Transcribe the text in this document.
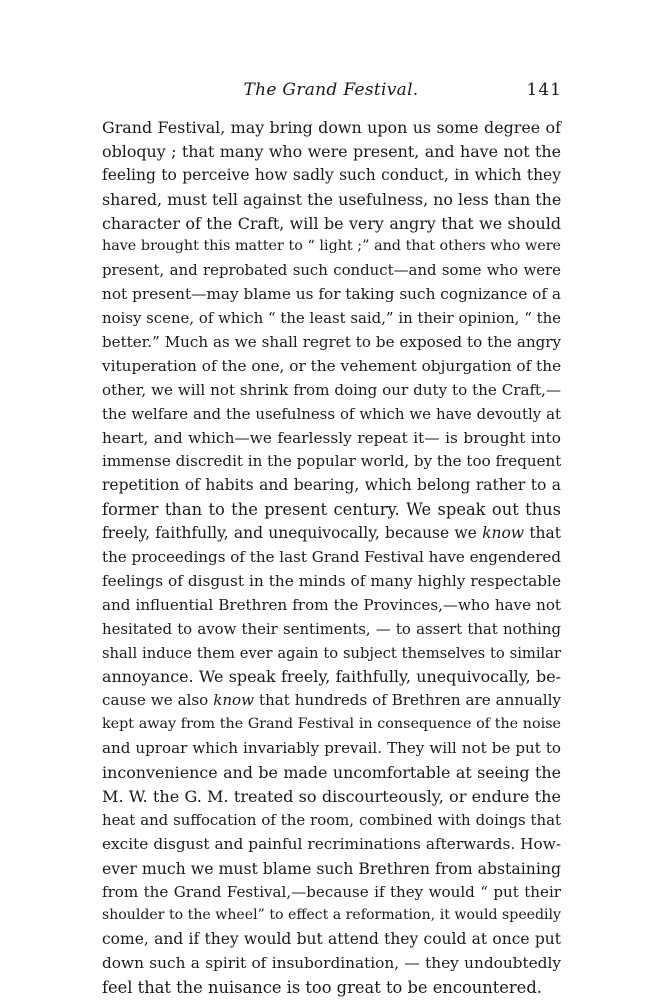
The Grand Festival.	141
Grand Festival, may bring down upon us some degree of
obloquy ; that many who were present, and have not the
feeling to perceive how sadly such conduct, in which they
shared, must tell against the usefulness, no less than the
character of the Craft, will be very angry that we should
have brought this matter to “ light ;” and that others who were
present, and reprobated such conduct—and some who were
not present—may blame us for taking such cognizance of a
noisy scene, of which “ the least said,” in their opinion, “ the
better.” Much as we shall regret to be exposed to the angry
vituperation of the one, or the vehement objurgation of the
other, we will not shrink from doing our duty to the Craft,—
the welfare and the usefulness of which we have devoutly at
heart, and which—we fearlessly repeat it— is brought into
immense discredit in the popular world, by the too frequent
repetition of habits and bearing, which belong rather to a
former than to the present century. We speak out thus
freely, faithfully, and unequivocally, because we know that
the proceedings of the last Grand Festival have engendered
feelings of disgust in the minds of many highly respectable
and influential Brethren from the Provinces,—who have not
hesitated to avow their sentiments, — to assert that nothing
shall induce them ever again to subject themselves to similar
annoyance. We speak freely, faithfully, unequivocally, be-
cause we also know that hundreds of Brethren are annually
kept away from the Grand Festival in consequence of the noise
and uproar which invariably prevail. They will not be put to
inconvenience and be made uncomfortable at seeing the
M. W. the G. M. treated so discourteously, or endure the
heat and suffocation of the room, combined with doings that
excite disgust and painful recriminations afterwards. How-
ever much we must blame such Brethren from abstaining
from the Grand Festival,—because if they would “ put their
shoulder to the wheel” to effect a reformation, it would speedily
come, and if they would but attend they could at once put
down such a spirit of insubordination, — they undoubtedly
feel that the nuisance is too great to be encountered.
